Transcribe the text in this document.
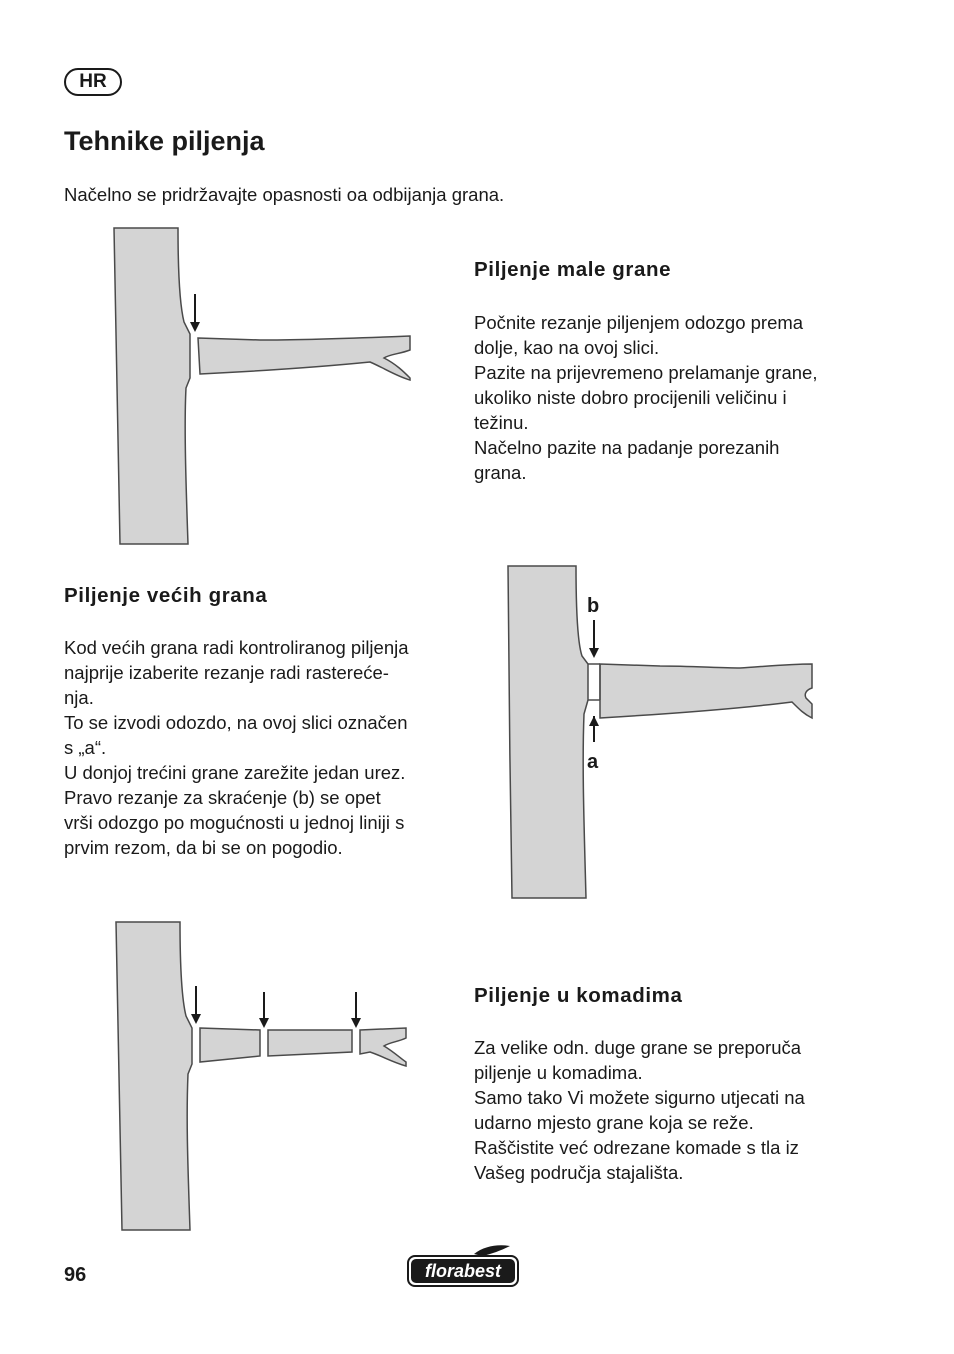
HR
Tehnike piljenja
Načelno se pridržavajte opasnosti oa odbijanja grana.
Piljenje male grane

Počnite rezanje piljenjem odozgo prema
dolje, kao na ovoj slici.
Pazite na prijevremeno prelamanje grane,
ukoliko niste dobro procijenili veličinu i
težinu.
Načelno pazite na padanje porezanih
grana.

Piljenje većih grana

Kod većih grana radi kontroliranog piljenja
najprije izaberite rezanje radi rasterećе-
nja.
To se izvodi odozdo, na ovoj slici označen
s „a“.
U donjoj trećini grane zarežite jedan urez.
Pravo rezanje za skraćenje (b) se opet
vrši odozgo po mogućnosti u jednoj liniji s
prvim rezom, da bi se on pogodio.

b
a
Piljenje u komadima

Za velike odn. duge grane se preporuča
piljenje u komadima.
Samo tako Vi možete sigurno utjecati na
udarno mjesto grane koja se reže.
Raščistite već odrezane komade s tla iz
Vašeg područja stajališta.

96	florabest
